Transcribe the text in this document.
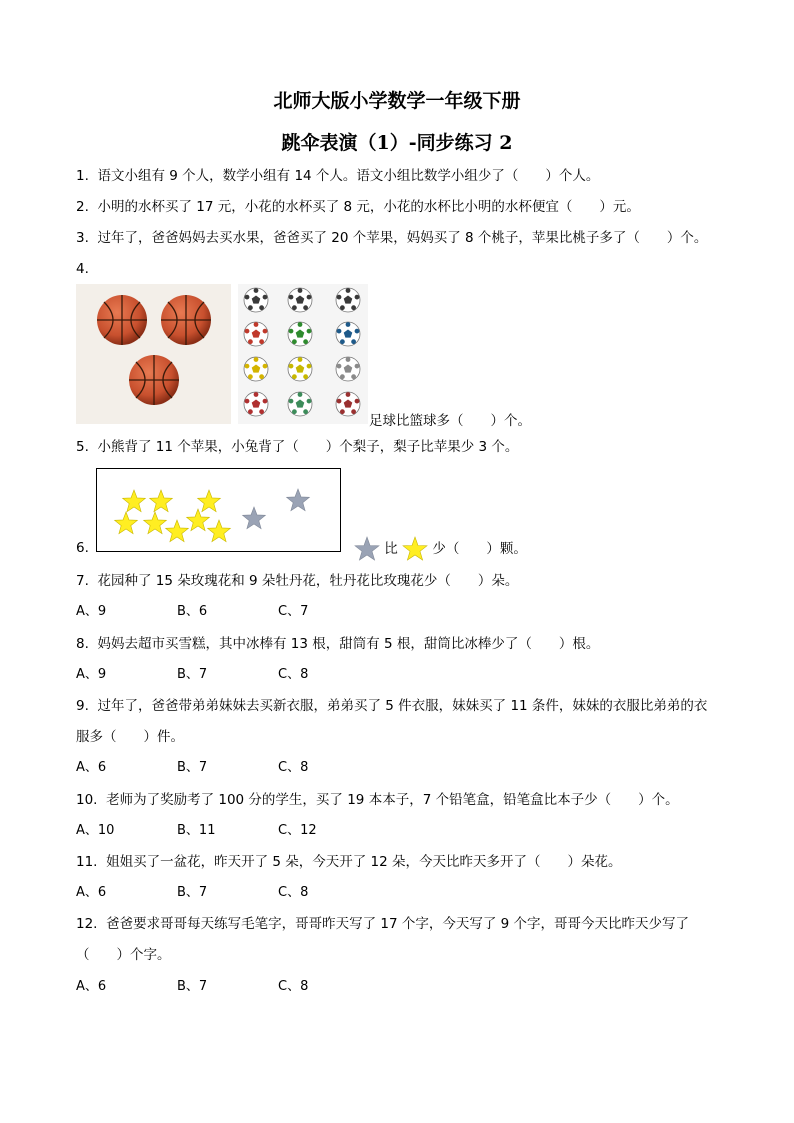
北师大版小学数学一年级下册
跳伞表演（1）-同步练习 2
1. 语文小组有 9 个人，数学小组有 14 个人。语文小组比数学小组少了（　　）个人。
2. 小明的水杯买了 17 元，小花的水杯买了 8 元，小花的水杯比小明的水杯便宜（　　）元。
3. 过年了，爸爸妈妈去买水果，爸爸买了 20 个苹果，妈妈买了 8 个桃子，苹果比桃子多了（　　）个。
4.
足球比篮球多（　　）个。
5. 小熊背了 11 个苹果，小兔背了（　　）个梨子，梨子比苹果少 3 个。
6.	比	少（　　）颗。
7. 花园种了 15 朵玫瑰花和 9 朵牡丹花，牡丹花比玫瑰花少（　　）朵。
A、9	B、6	C、7
8. 妈妈去超市买雪糕，其中冰棒有 13 根，甜筒有 5 根，甜筒比冰棒少了（　　）根。
A、9	B、7	C、8
9. 过年了，爸爸带弟弟妹妹去买新衣服，弟弟买了 5 件衣服，妹妹买了 11 条件，妹妹的衣服比弟弟的衣
服多（　　）件。
A、6	B、7	C、8
10. 老师为了奖励考了 100 分的学生，买了 19 本本子，7 个铅笔盒，铅笔盒比本子少（　　）个。
A、10	B、11	C、12
11. 姐姐买了一盆花，昨天开了 5 朵，今天开了 12 朵，今天比昨天多开了（　　）朵花。
A、6	B、7	C、8
12. 爸爸要求哥哥每天练写毛笔字，哥哥昨天写了 17 个字，今天写了 9 个字，哥哥今天比昨天少写了
（　　）个字。
A、6	B、7	C、8
